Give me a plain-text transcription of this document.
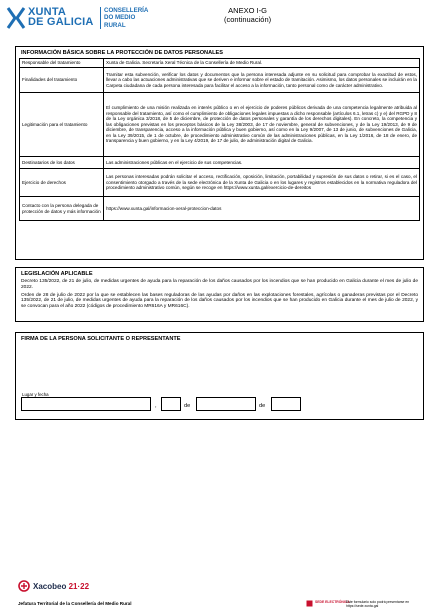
XUNTA
DE GALICIA
CONSELLERÍA
DO MEDIO
RURAL
ANEXO I-G
(continuación)
INFORMACIÓN BÁSICA SOBRE LA PROTECCIÓN DE DATOS PERSONALES
Responsable del tratamiento	Xunta de Galicia. Secretaría Xeral Técnica de la Consellería de Medio Rural.
Finalidades del tratamiento	Tramitar esta subvención, verificar los datos y documentos que la persona interesada adjunte en su solicitud para comprobar la exactitud de estos, llevar a cabo las actuaciones administrativas que se deriven e informar sobre el estado de tramitación. Asimismo, los datos personales se incluirán en la Carpeta ciudadana de cada persona interesada para facilitar el acceso a la información, tanto personal como de carácter administrativo.
Legitimación para el tratamiento	El cumplimiento de una misión realizada en interés público o en el ejercicio de poderes públicos derivada de una competencia legalmente atribuida al responsable del tratamiento, así como el cumplimiento de obligaciones legales impuestas a dicho responsable (artículos 6.1, letras c) y e) del RGPD y 8 de la Ley orgánica 3/2018, de 5 de diciembre, de protección de datos personales y garantía de los derechos digitales). En concreto, la competencia y las obligaciones previstas en los preceptos básicos de la Ley 38/2003, de 17 de noviembre, general de subvenciones, y de la Ley 19/2013, de 9 de diciembre, de transparencia, acceso a la información pública y buen gobierno, así como en la Ley 9/2007, de 13 de junio, de subvenciones de Galicia, en la Ley 39/2015, de 1 de octubre, de procedimiento administrativo común de las administraciones públicas, en la Ley 1/2016, de 18 de enero, de transparencia y buen gobierno, y en la Ley 4/2019, de 17 de julio, de administración digital de Galicia.
Destinatarios de los datos	Las administraciones públicas en el ejercicio de sus competencias.
Ejercicio de derechos	Las personas interesadas podrán solicitar el acceso, rectificación, oposición, limitación, portabilidad y supresión de sus datos o retirar, si es el caso, el consentimiento otorgado a través de la sede electrónica de la Xunta de Galicia o en los lugares y registros establecidos en la normativa reguladora del procedimiento administrativo común, según se recoge en https://www.xunta.gal/exercicio-de-dereitos
Contacto con la persona delegada de protección de datos y más información	https://www.xunta.gal/informacion-xeral-proteccion-datos
LEGISLACIÓN APLICABLE
Decreto 135/2022, de 21 de julio, de medidas urgentes de ayuda para la reparación de los daños causados por los incendios que se han producido en Galicia durante el mes de julio de 2022.
Orden de 28 de julio de 2022 por la que se establecen las bases reguladoras de las ayudas por daños en las explotaciones forestales, agrícolas o ganaderas previstas por el Decreto 135/2022, de 21 de julio, de medidas urgentes de ayuda para la reparación de los daños causados por los incendios que se han producido en Galicia durante el mes de julio de 2022, y se convocan para el año 2022 (códigos de procedimiento MR616A y MR616C).
FIRMA DE LA PERSONA SOLICITANTE O REPRESENTANTE
Lugar y fecha
,	de	de
Xacobeo 21·22
Jefatura Territorial de la Consellería del Medio Rural	SEDE ELECTRÓNICA
Este formulario solo podrá presentarse en https://sede.xunta.gal
